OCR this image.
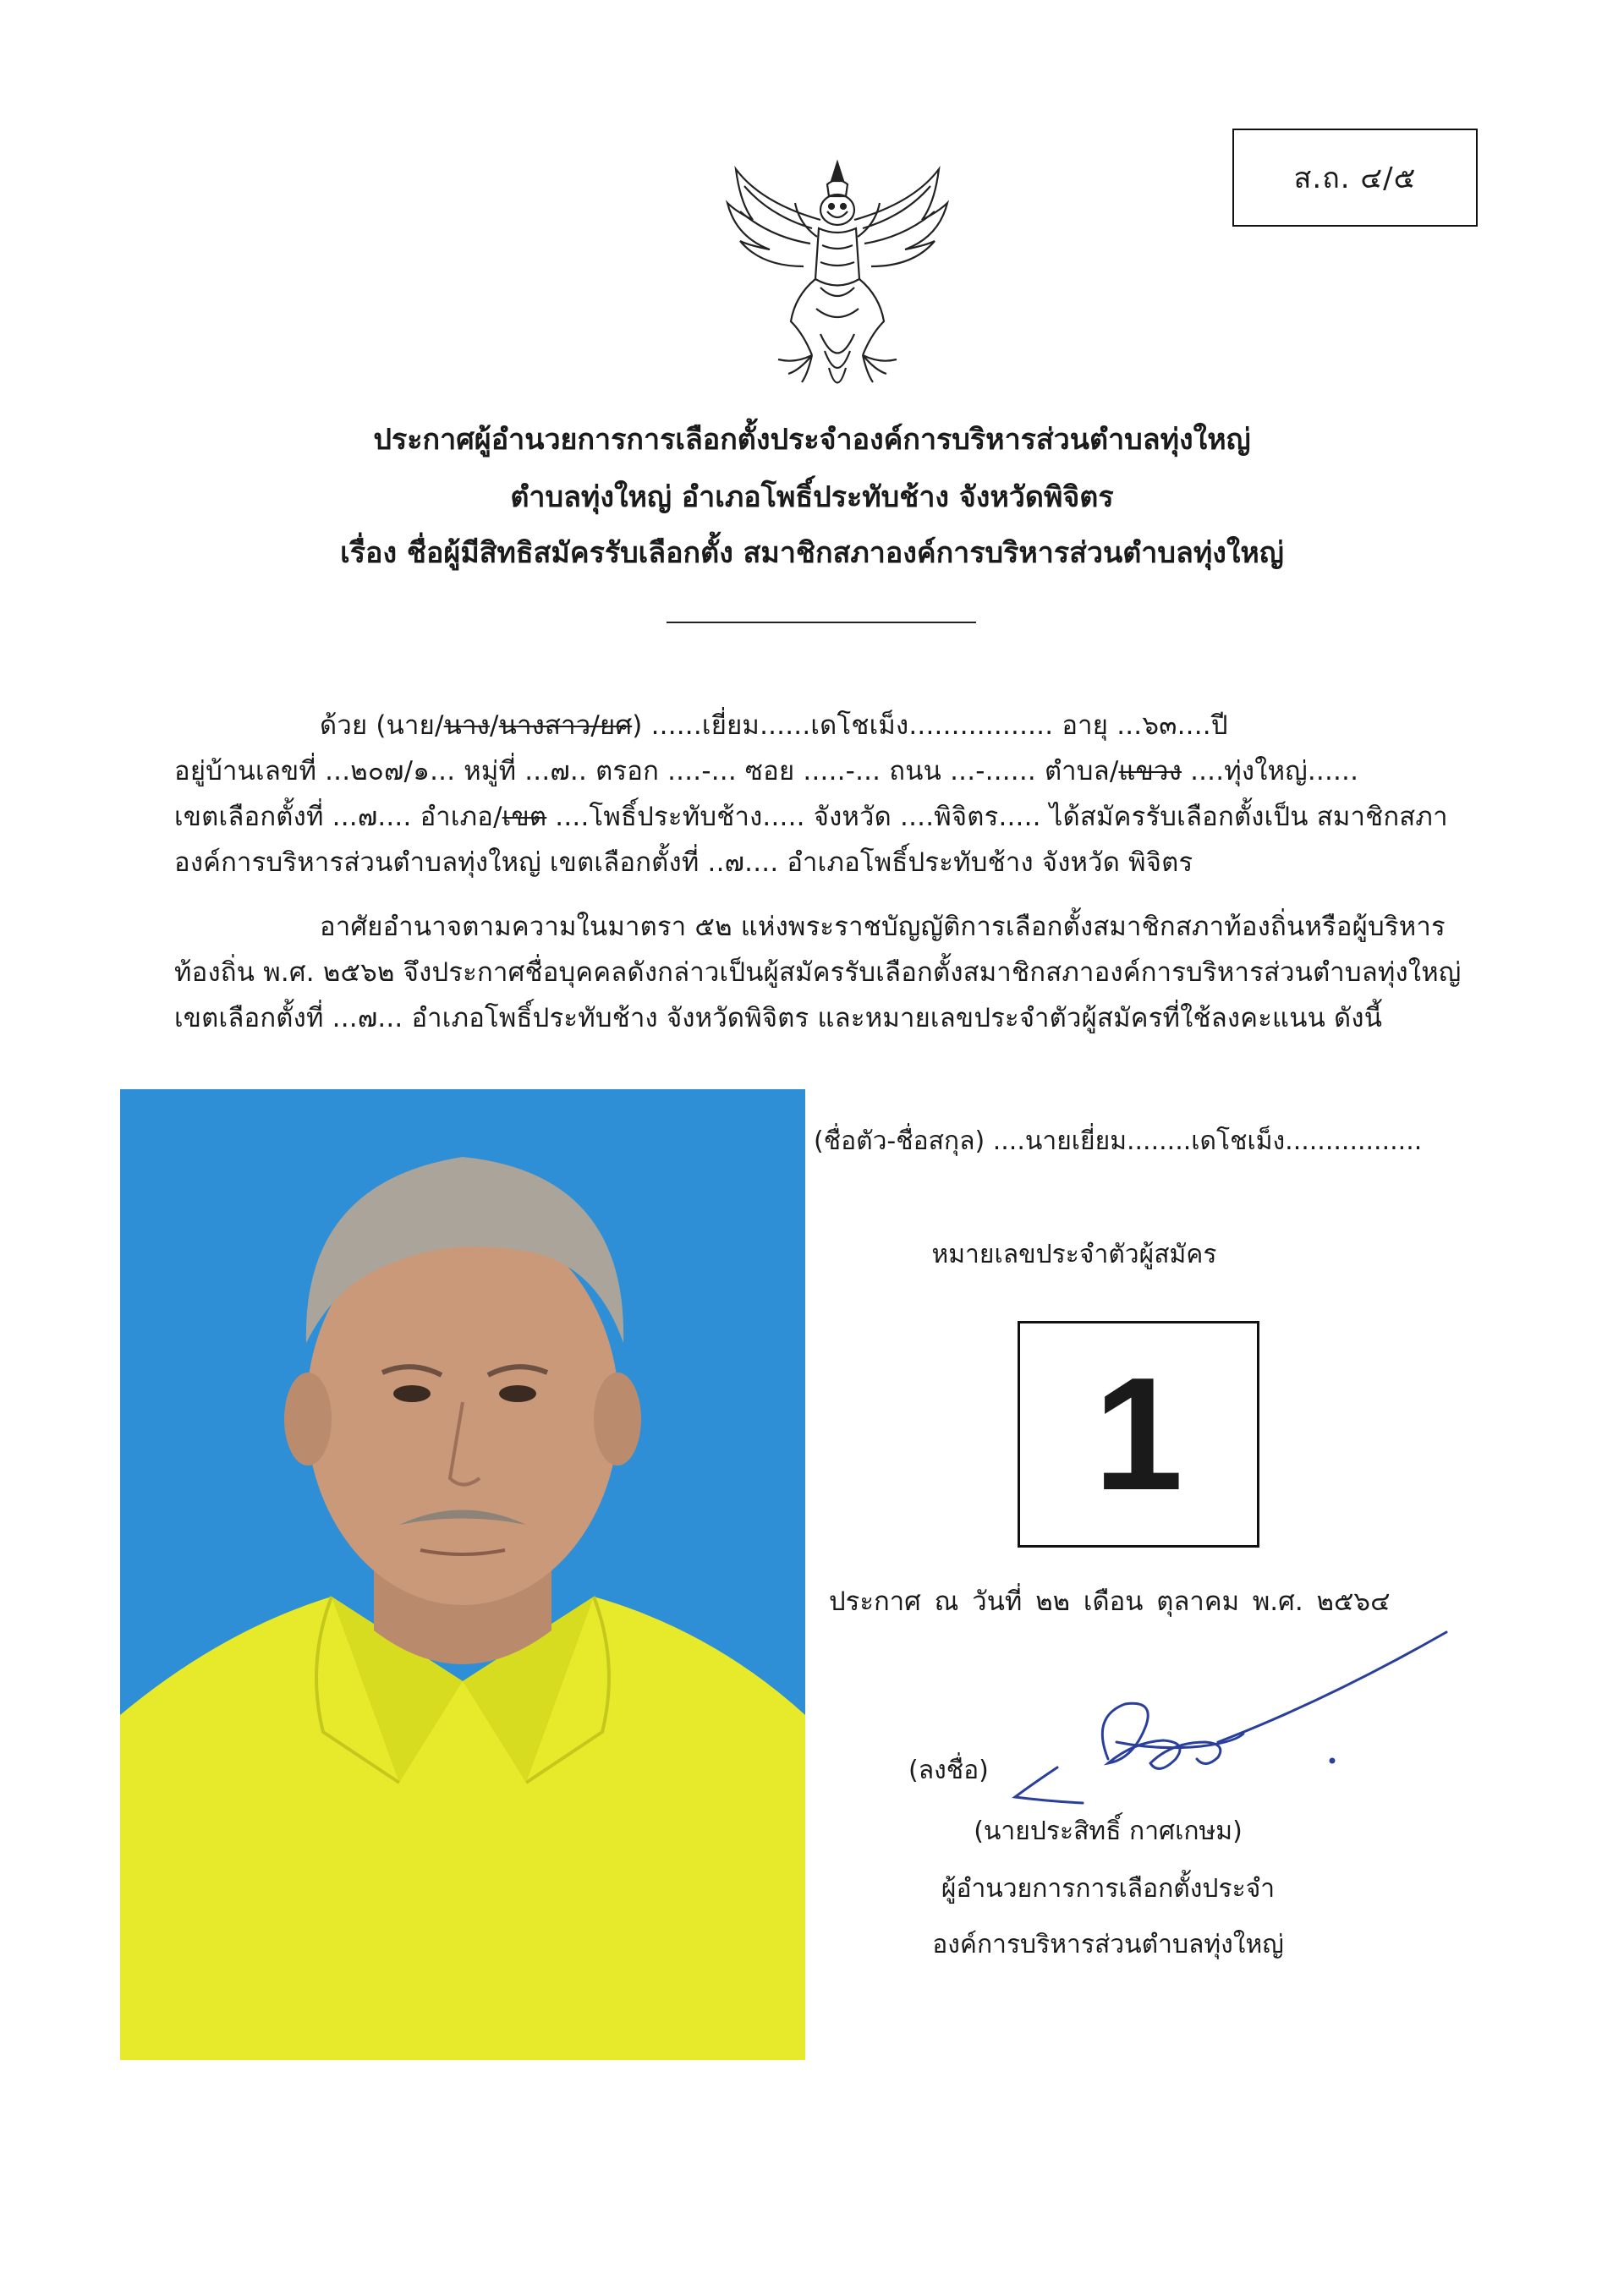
ส.ถ. ๔/๕
ประกาศผู้อำนวยการการเลือกตั้งประจำองค์การบริหารส่วนตำบลทุ่งใหญ่
ตำบลทุ่งใหญ่ อำเภอโพธิ์ประทับช้าง จังหวัดพิจิตร
เรื่อง ชื่อผู้มีสิทธิสมัครรับเลือกตั้ง สมาชิกสภาองค์การบริหารส่วนตำบลทุ่งใหญ่
ด้วย (นาย/นาง/นางสาว/ยศ) ......เยี่ยม......เดโชเม็ง................. อายุ ...๖๓....ปี
อยู่บ้านเลขที่ ...๒๐๗/๑... หมู่ที่ ...๗.. ตรอก ....-... ซอย .....-... ถนน ...-...... ตำบล/แขวง ....ทุ่งใหญ่......
เขตเลือกตั้งที่ ...๗.... อำเภอ/เขต ....โพธิ์ประทับช้าง..... จังหวัด ....พิจิตร..... ได้สมัครรับเลือกตั้งเป็น สมาชิกสภา
องค์การบริหารส่วนตำบลทุ่งใหญ่ เขตเลือกตั้งที่ ..๗.... อำเภอโพธิ์ประทับช้าง จังหวัด พิจิตร
อาศัยอำนาจตามความในมาตรา ๕๒ แห่งพระราชบัญญัติการเลือกตั้งสมาชิกสภาท้องถิ่นหรือผู้บริหาร
ท้องถิ่น พ.ศ. ๒๕๖๒ จึงประกาศชื่อบุคคลดังกล่าวเป็นผู้สมัครรับเลือกตั้งสมาชิกสภาองค์การบริหารส่วนตำบลทุ่งใหญ่
เขตเลือกตั้งที่ ...๗... อำเภอโพธิ์ประทับช้าง จังหวัดพิจิตร และหมายเลขประจำตัวผู้สมัครที่ใช้ลงคะแนน ดังนี้
(ชื่อตัว-ชื่อสกุล) ....นายเยี่ยม........เดโชเม็ง.................
หมายเลขประจำตัวผู้สมัคร
1
ประกาศ ณ วันที่ ๒๒ เดือน ตุลาคม พ.ศ. ๒๕๖๔
(ลงชื่อ)
(นายประสิทธิ์ กาศเกษม)
ผู้อำนวยการการเลือกตั้งประจำ
องค์การบริหารส่วนตำบลทุ่งใหญ่
